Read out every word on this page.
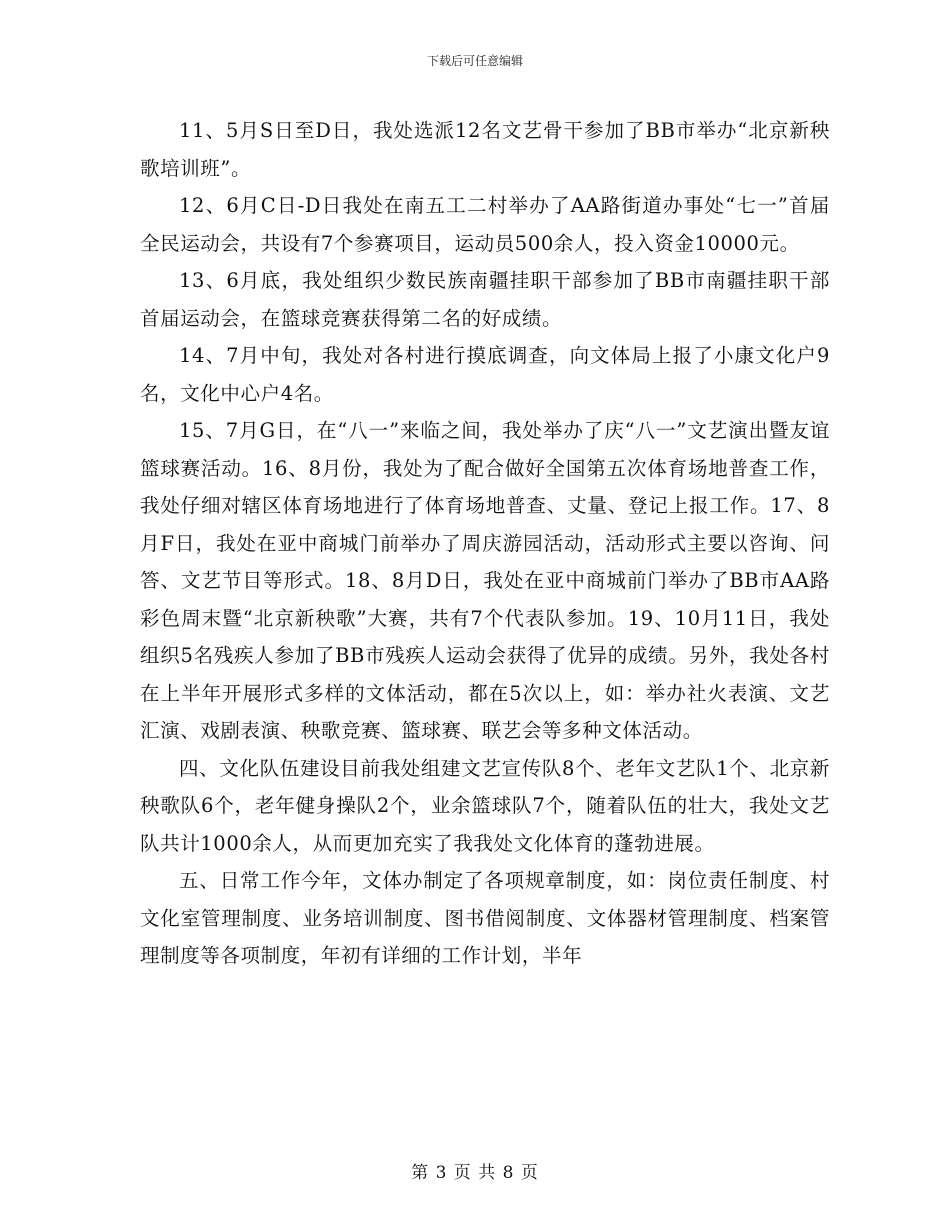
下载后可任意编辑

11、5月S日至D日，我处选派12名文艺骨干参加了BB市举办“北京新秧歌培训班”。

12、6月C日-D日我处在南五工二村举办了AA路街道办事处“七一”首届全民运动会，共设有7个参赛项目，运动员500余人，投入资金10000元。

13、6月底，我处组织少数民族南疆挂职干部参加了BB市南疆挂职干部首届运动会，在篮球竞赛获得第二名的好成绩。

14、7月中旬，我处对各村进行摸底调查，向文体局上报了小康文化户9名，文化中心户4名。

15、7月G日，在“八一”来临之间，我处举办了庆“八一”文艺演出暨友谊篮球赛活动。16、8月份，我处为了配合做好全国第五次体育场地普查工作，我处仔细对辖区体育场地进行了体育场地普查、丈量、登记上报工作。17、8月F日，我处在亚中商城门前举办了周庆游园活动，活动形式主要以咨询、问答、文艺节目等形式。18、8月D日，我处在亚中商城前门举办了BB市AA路彩色周末暨“北京新秧歌”大赛，共有7个代表队参加。19、10月11日，我处组织5名残疾人参加了BB市残疾人运动会获得了优异的成绩。另外，我处各村在上半年开展形式多样的文体活动，都在5次以上，如：举办社火表演、文艺汇演、戏剧表演、秧歌竞赛、篮球赛、联艺会等多种文体活动。

四、文化队伍建设目前我处组建文艺宣传队8个、老年文艺队1个、北京新秧歌队6个，老年健身操队2个，业余篮球队7个，随着队伍的壮大，我处文艺队共计1000余人，从而更加充实了我我处文化体育的蓬勃进展。

五、日常工作今年，文体办制定了各项规章制度，如：岗位责任制度、村文化室管理制度、业务培训制度、图书借阅制度、文体器材管理制度、档案管理制度等各项制度，年初有详细的工作计划，半年

第 3 页 共 8 页
